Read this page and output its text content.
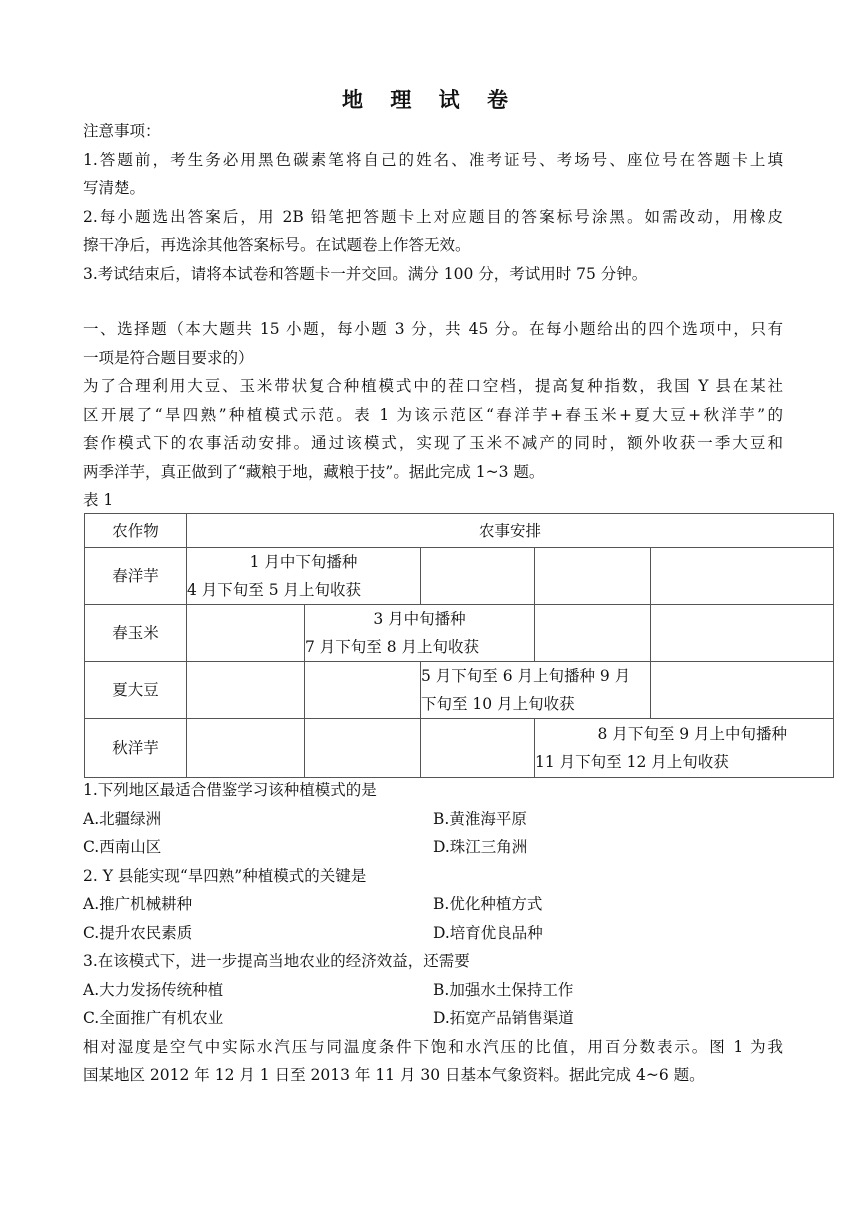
地 理 试 卷
注意事项：
1.答题前，考生务必用黑色碳素笔将自己的姓名、准考证号、考场号、座位号在答题卡上填
写清楚。
2.每小题选出答案后，用 2B 铅笔把答题卡上对应题目的答案标号涂黑。如需改动，用橡皮
擦干净后，再选涂其他答案标号。在试题卷上作答无效。
3.考试结束后，请将本试卷和答题卡一并交回。满分 100 分，考试用时 75 分钟。
一、选择题（本大题共 15 小题，每小题 3 分，共 45 分。在每小题给出的四个选项中，只有
一项是符合题目要求的）
为了合理利用大豆、玉米带状复合种植模式中的茬口空档，提高复种指数，我国 Y 县在某社
区开展了“旱四熟”种植模式示范。表 1 为该示范区“春洋芋+春玉米+夏大豆+秋洋芋”的
套作模式下的农事活动安排。通过该模式，实现了玉米不减产的同时，额外收获一季大豆和
两季洋芋，真正做到了“藏粮于地，藏粮于技”。据此完成 1~3 题。
表 1
农作物	农事安排				
春洋芋	1 月中下旬播种
4 月下旬至 5 月上旬收获				

春玉米		3 月中旬播种
7 月下旬至 8 月上旬收获			

夏大豆			5 月下旬至 6 月上旬播种 9 月
下旬至 10 月上旬收获		

秋洋芋				8 月下旬至 9 月上中旬播种
11 月下旬至 12 月上旬收获	
1.下列地区最适合借鉴学习该种植模式的是
A.北疆绿洲	B.黄淮海平原
C.西南山区	D.珠江三角洲
2. Y 县能实现“旱四熟”种植模式的关键是
A.推广机械耕种	B.优化种植方式
C.提升农民素质	D.培育优良品种
3.在该模式下，进一步提高当地农业的经济效益，还需要
A.大力发扬传统种植	B.加强水土保持工作
C.全面推广有机农业	D.拓宽产品销售渠道
相对湿度是空气中实际水汽压与同温度条件下饱和水汽压的比值，用百分数表示。图 1 为我
国某地区 2012 年 12 月 1 日至 2013 年 11 月 30 日基本气象资料。据此完成 4~6 题。
